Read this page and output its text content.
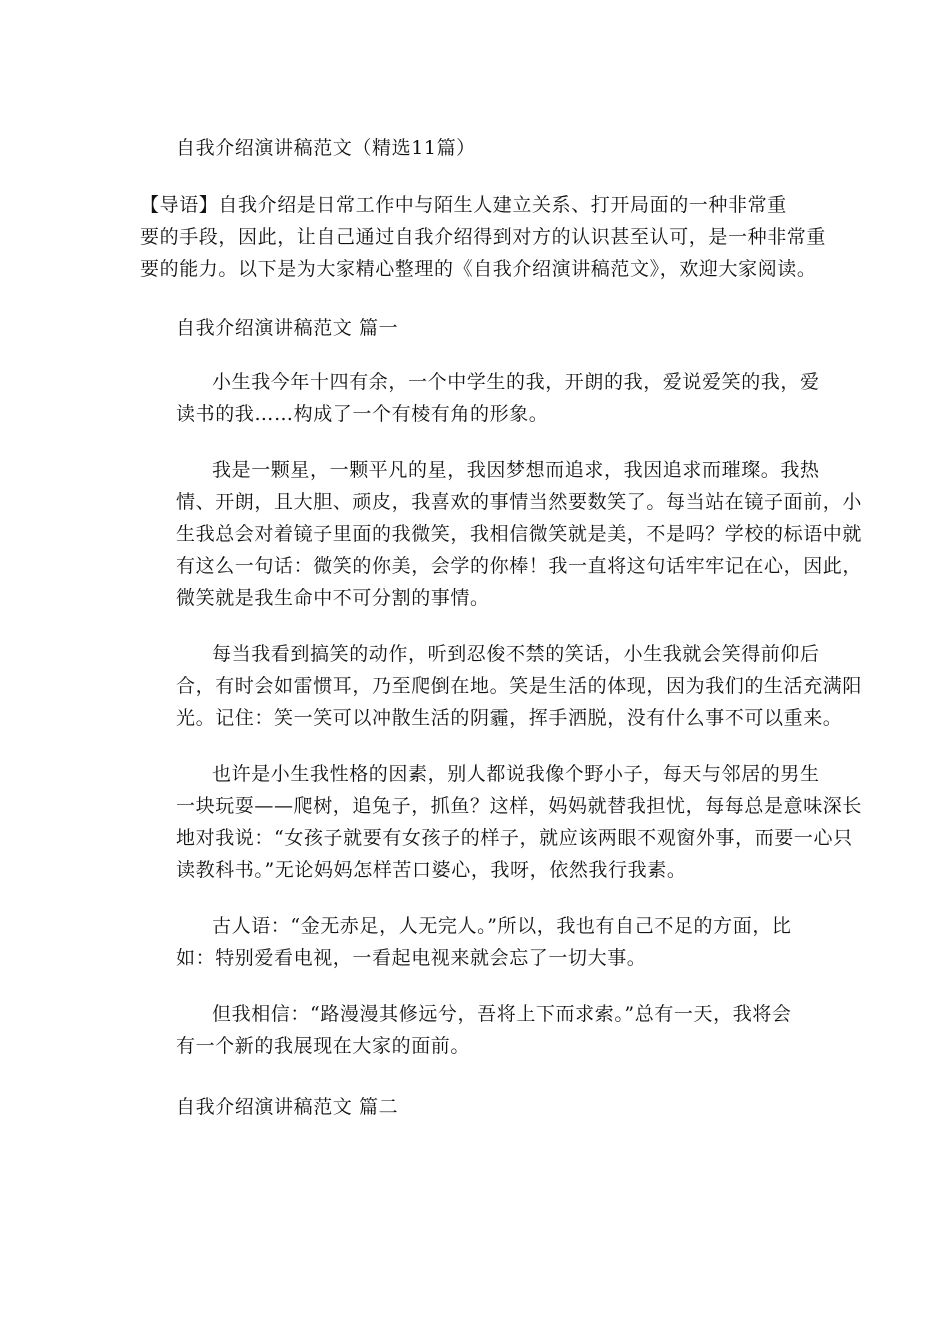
自我介绍演讲稿范文（精选11篇）

【导语】自我介绍是日常工作中与陌生人建立关系、打开局面的一种非常重

要的手段，因此，让自己通过自我介绍得到对方的认识甚至认可，是一种非常重

要的能力。以下是为大家精心整理的《自我介绍演讲稿范文》，欢迎大家阅读。

自我介绍演讲稿范文 篇一

小生我今年十四有余，一个中学生的我，开朗的我，爱说爱笑的我，爱

读书的我……构成了一个有棱有角的形象。

我是一颗星，一颗平凡的星，我因梦想而追求，我因追求而璀璨。我热

情、开朗，且大胆、顽皮，我喜欢的事情当然要数笑了。每当站在镜子面前，小

生我总会对着镜子里面的我微笑，我相信微笑就是美，不是吗？学校的标语中就

有这么一句话：微笑的你美，会学的你棒！我一直将这句话牢牢记在心，因此，

微笑就是我生命中不可分割的事情。

每当我看到搞笑的动作，听到忍俊不禁的笑话，小生我就会笑得前仰后

合，有时会如雷惯耳，乃至爬倒在地。笑是生活的体现，因为我们的生活充满阳

光。记住：笑一笑可以冲散生活的阴霾，挥手洒脱，没有什么事不可以重来。

也许是小生我性格的因素，别人都说我像个野小子，每天与邻居的男生

一块玩耍——爬树，追兔子，抓鱼？这样，妈妈就替我担忧，每每总是意味深长

地对我说：“女孩子就要有女孩子的样子，就应该两眼不观窗外事，而要一心只

读教科书。”无论妈妈怎样苦口婆心，我呀，依然我行我素。

古人语：“金无赤足，人无完人。”所以，我也有自己不足的方面，比

如：特别爱看电视，一看起电视来就会忘了一切大事。

但我相信：“路漫漫其修远兮，吾将上下而求索。”总有一天，我将会

有一个新的我展现在大家的面前。

自我介绍演讲稿范文 篇二
